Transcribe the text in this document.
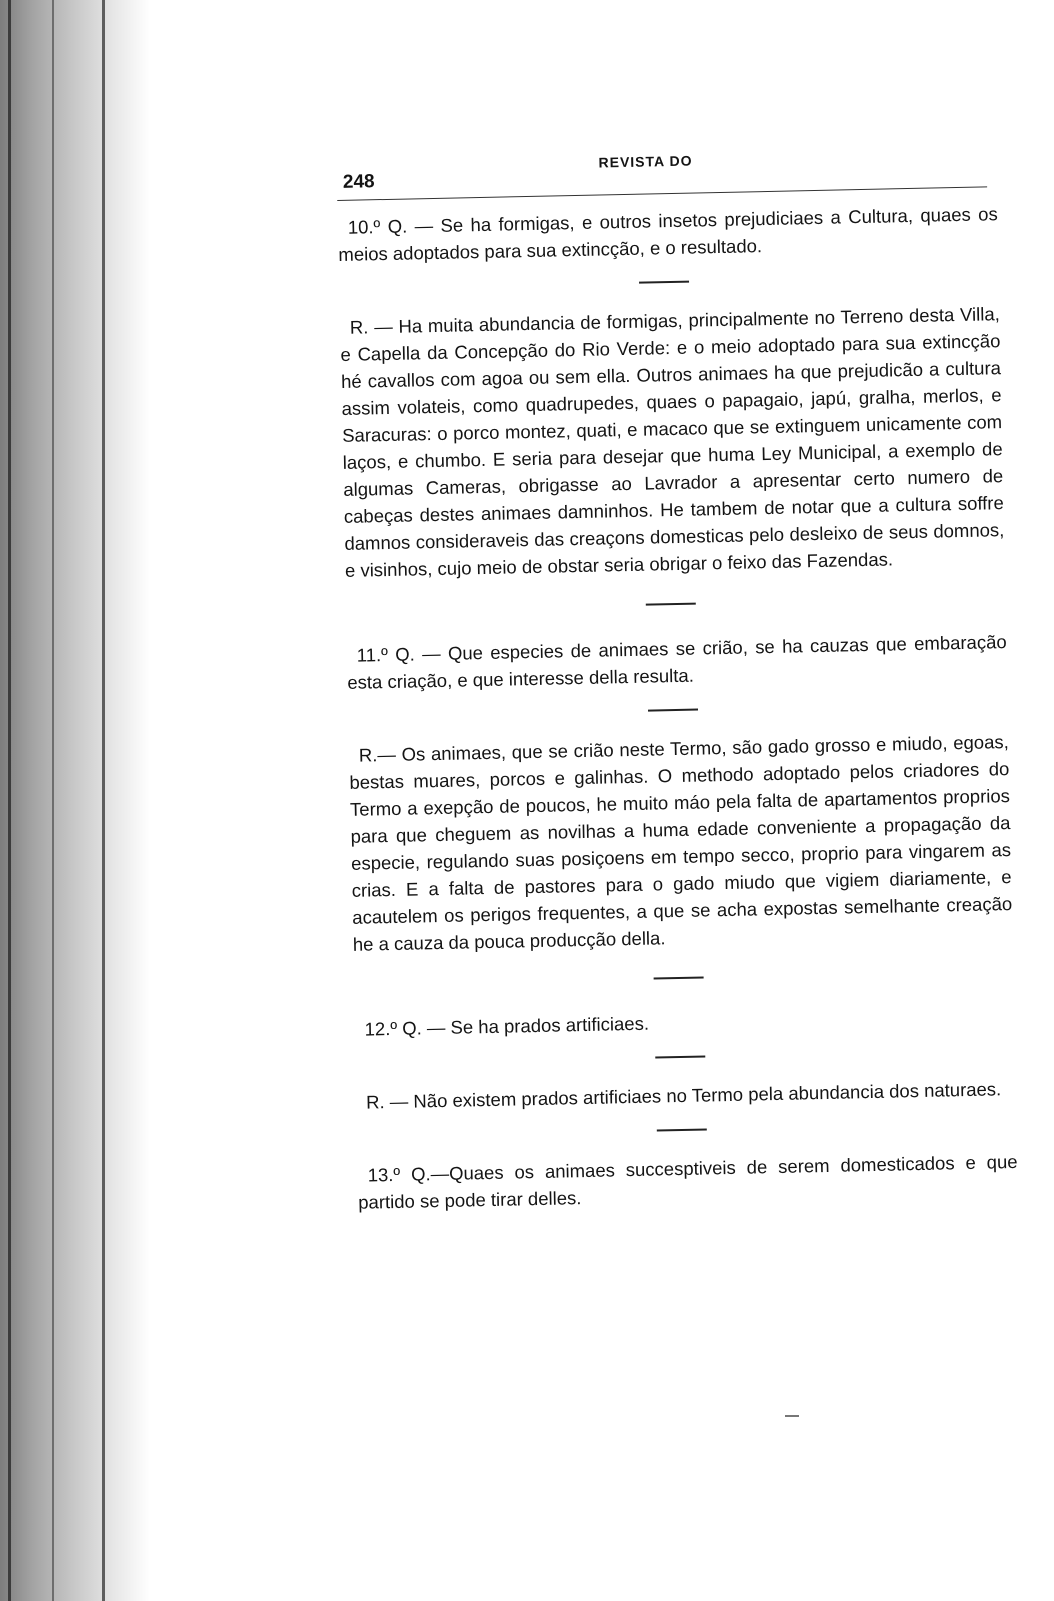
248
REVISTA DO

10.º Q. — Se ha formigas, e outros insetos prejudiciaes a Cultura, quaes os meios adoptados para sua extincção, e o resultado.

R. — Ha muita abundancia de formigas, principalmente no Terreno desta Villa, e Capella da Concepção do Rio Verde: e o meio adoptado para sua extincção hé cavallos com agoa ou sem ella. Outros animaes ha que prejudicão a cultura assim volateis, como quadrupedes, quaes o papagaio, japú, gralha, merlos, e Saracuras: o porco montez, quati, e macaco que se extinguem unicamente com laços, e chumbo. E seria para desejar que huma Ley Municipal, a exemplo de algumas Cameras, obrigasse ao Lavrador a apresentar certo numero de cabeças destes animaes damninhos. He tambem de notar que a cultura soffre damnos consideraveis das creaçons domesticas pelo desleixo de seus domnos, e visinhos, cujo meio de obstar seria obrigar o feixo das Fazendas.

11.º Q. — Que especies de animaes se crião, se ha cauzas que embaração esta criação, e que interesse della resulta.

R.— Os animaes, que se crião neste Termo, são gado grosso e miudo, egoas, bestas muares, porcos e galinhas. O methodo adoptado pelos criadores do Termo a exepção de poucos, he muito máo pela falta de apartamentos proprios para que cheguem as novilhas a huma edade conveniente a propagação da especie, regulando suas posiçoens em tempo secco, proprio para vingarem as crias. E a falta de pastores para o gado miudo que vigiem diariamente, e acautelem os perigos frequentes, a que se acha expostas semelhante creação he a cauza da pouca producção della.

12.º Q. — Se ha prados artificiaes.

R. — Não existem prados artificiaes no Termo pela abundancia dos naturaes.

13.º Q.—Quaes os animaes succesptiveis de serem domesticados e que partido se pode tirar delles.
